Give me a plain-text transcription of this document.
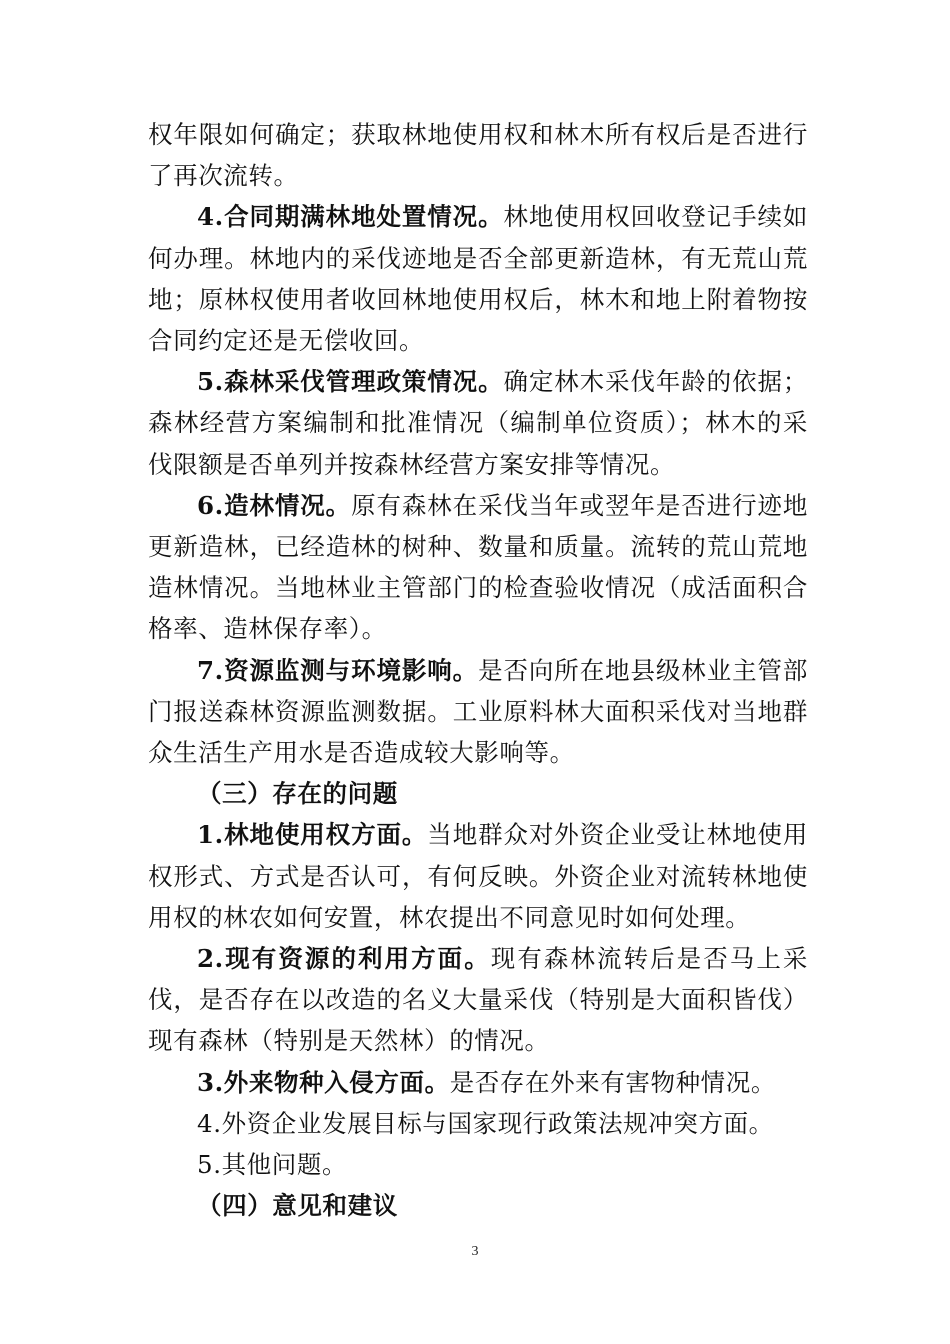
权年限如何确定；获取林地使用权和林木所有权后是否进行了再次流转。

4.合同期满林地处置情况。林地使用权回收登记手续如何办理。林地内的采伐迹地是否全部更新造林，有无荒山荒地；原林权使用者收回林地使用权后，林木和地上附着物按合同约定还是无偿收回。

5.森林采伐管理政策情况。确定林木采伐年龄的依据；森林经营方案编制和批准情况（编制单位资质）；林木的采伐限额是否单列并按森林经营方案安排等情况。

6.造林情况。原有森林在采伐当年或翌年是否进行迹地更新造林，已经造林的树种、数量和质量。流转的荒山荒地造林情况。当地林业主管部门的检查验收情况（成活面积合格率、造林保存率）。

7.资源监测与环境影响。是否向所在地县级林业主管部门报送森林资源监测数据。工业原料林大面积采伐对当地群众生活生产用水是否造成较大影响等。

（三）存在的问题

1.林地使用权方面。当地群众对外资企业受让林地使用权形式、方式是否认可，有何反映。外资企业对流转林地使用权的林农如何安置，林农提出不同意见时如何处理。

2.现有资源的利用方面。现有森林流转后是否马上采伐，是否存在以改造的名义大量采伐（特别是大面积皆伐）现有森林（特别是天然林）的情况。

3.外来物种入侵方面。是否存在外来有害物种情况。

4.外资企业发展目标与国家现行政策法规冲突方面。

5.其他问题。

（四）意见和建议

3
